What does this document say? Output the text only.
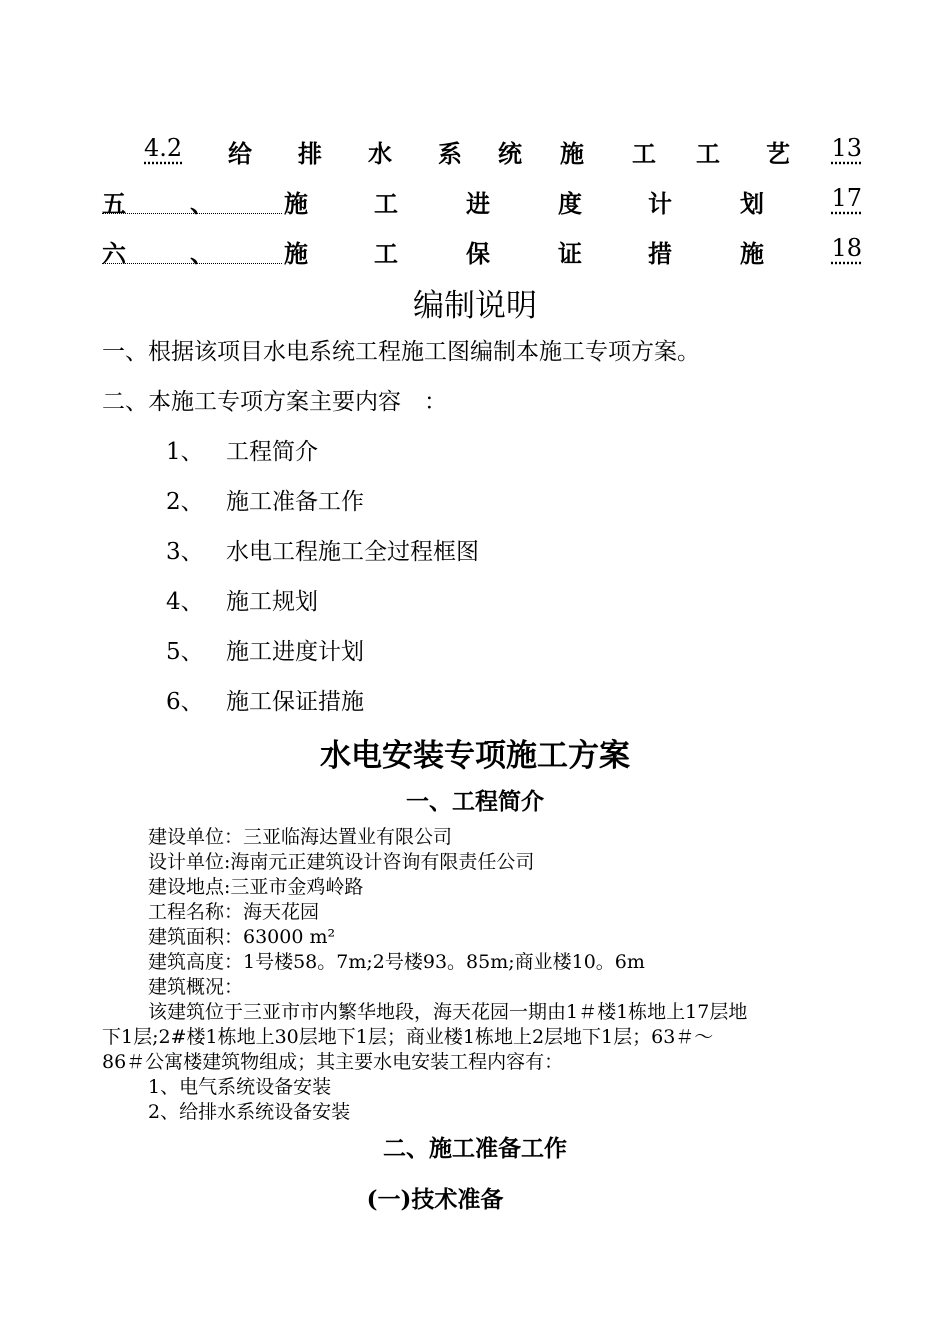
4.2 给 排 水 系 统 施 工 工 艺 13
五	、	施	工	进	度	计	划	17
六	、	施	工	保	证	措	施	18
编制说明
一、根据该项目水电系统工程施工图编制本施工专项方案。
二、本施工专项方案主要内容　：
1、 工程简介
2、 施工准备工作
3、 水电工程施工全过程框图
4、 施工规划
5、 施工进度计划
6、 施工保证措施
水电安装专项施工方案
一、工程简介
建设单位：三亚临海达置业有限公司
设计单位:海南元正建筑设计咨询有限责任公司
建设地点:三亚市金鸡岭路
工程名称：海天花园
建筑面积：63000 m²
建筑高度：1号楼58。7m;2号楼93。85m;商业楼10。6m
建筑概况：
该建筑位于三亚市市内繁华地段，海天花园一期由1＃楼1栋地上17层地
下1层;2#楼1栋地上30层地下1层；商业楼1栋地上2层地下1层；63＃～
86＃公寓楼建筑物组成；其主要水电安装工程内容有：
1、电气系统设备安装
2、给排水系统设备安装
二、施工准备工作
(一)技术准备
